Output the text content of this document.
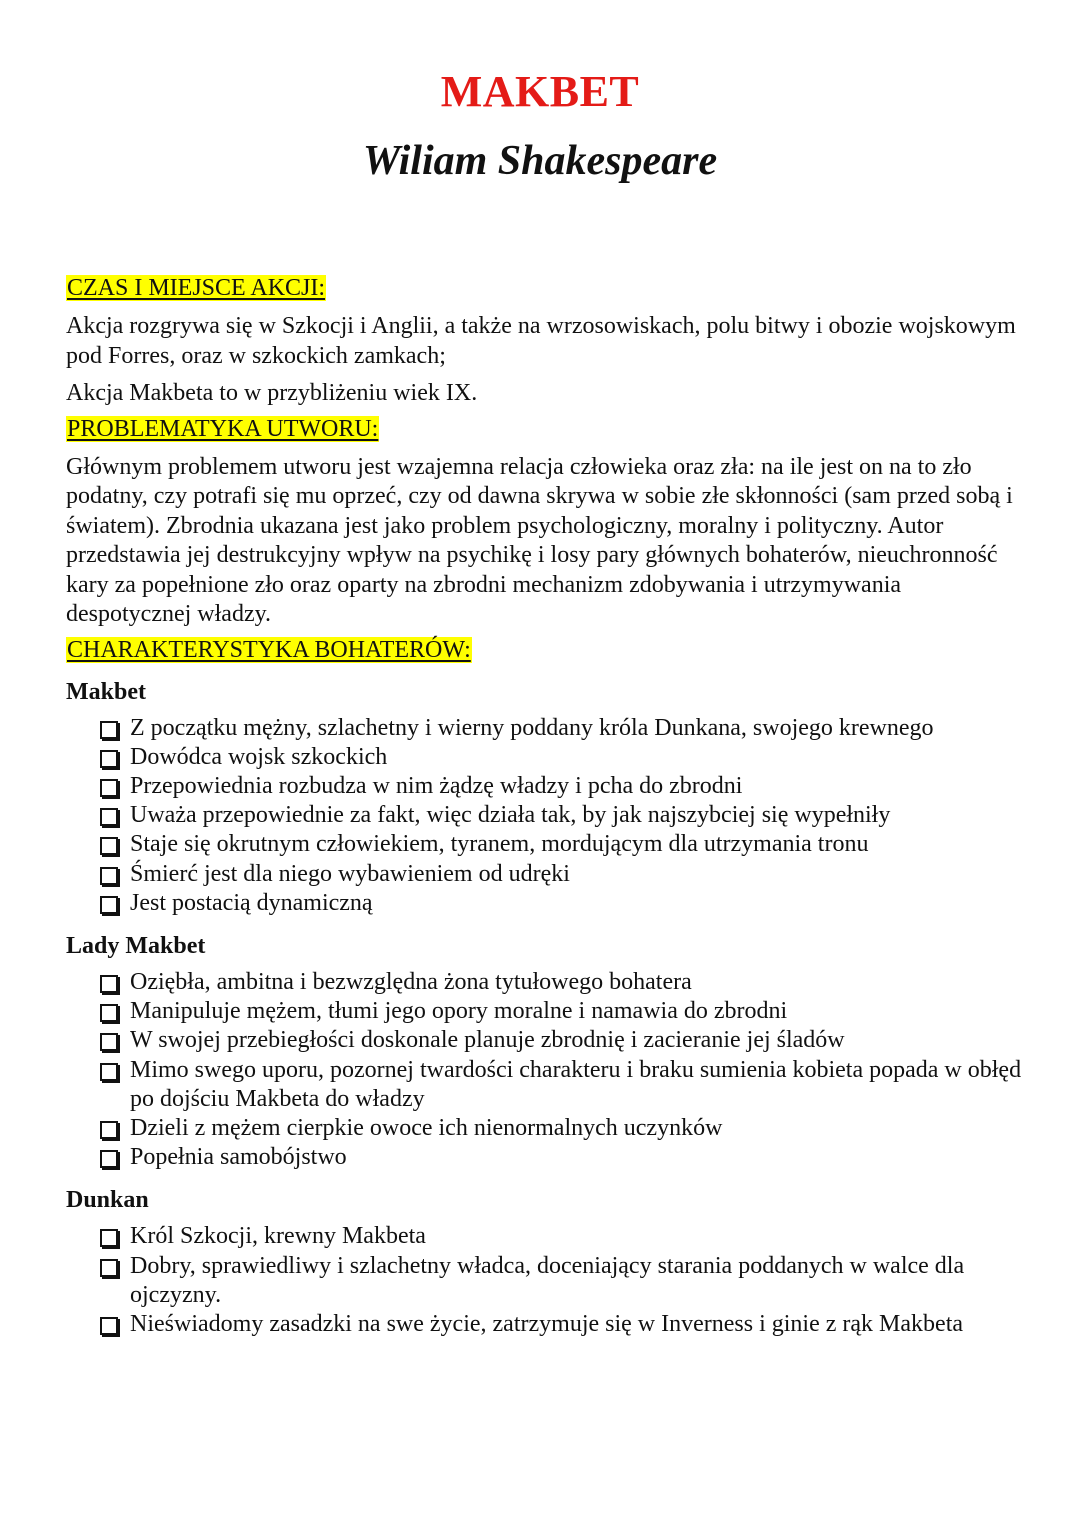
MAKBET
Wiliam Shakespeare
CZAS I MIEJSCE AKCJI:

Akcja rozgrywa się w Szkocji i Anglii, a także na wrzosowiskach, polu bitwy i obozie wojskowym pod Forres, oraz w szkockich zamkach;

Akcja Makbeta to w przybliżeniu wiek IX.

PROBLEMATYKA UTWORU:

Głównym problemem utworu jest wzajemna relacja człowieka oraz zła: na ile jest on na to zło podatny, czy potrafi się mu oprzeć, czy od dawna skrywa w sobie złe skłonności (sam przed sobą i światem). Zbrodnia ukazana jest jako problem psychologiczny, moralny i polityczny. Autor przedstawia jej destrukcyjny wpływ na psychikę i losy pary głównych bohaterów, nieuchronność kary za popełnione zło oraz oparty na zbrodni mechanizm zdobywania i utrzymywania despotycznej władzy.

CHARAKTERYSTYKA BOHATERÓW:
Makbet
Z początku mężny, szlachetny i wierny poddany króla Dunkana, swojego krewnego
Dowódca wojsk szkockich
Przepowiednia rozbudza w nim żądzę władzy i pcha do zbrodni
Uważa przepowiednie za fakt, więc działa tak, by jak najszybciej się wypełniły
Staje się okrutnym człowiekiem, tyranem, mordującym dla utrzymania tronu
Śmierć jest dla niego wybawieniem od udręki
Jest postacią dynamiczną
Lady Makbet
Oziębła, ambitna i bezwzględna żona tytułowego bohatera
Manipuluje mężem, tłumi jego opory moralne i namawia do zbrodni
W swojej przebiegłości doskonale planuje zbrodnię i zacieranie jej śladów
Mimo swego uporu, pozornej twardości charakteru i braku sumienia kobieta popada w obłęd po dojściu Makbeta do władzy
Dzieli z mężem cierpkie owoce ich nienormalnych uczynków
Popełnia samobójstwo
Dunkan
Król Szkocji, krewny Makbeta
Dobry, sprawiedliwy i szlachetny władca, doceniający starania poddanych w walce dla ojczyzny.
Nieświadomy zasadzki na swe życie, zatrzymuje się w Inverness i ginie z rąk Makbeta
